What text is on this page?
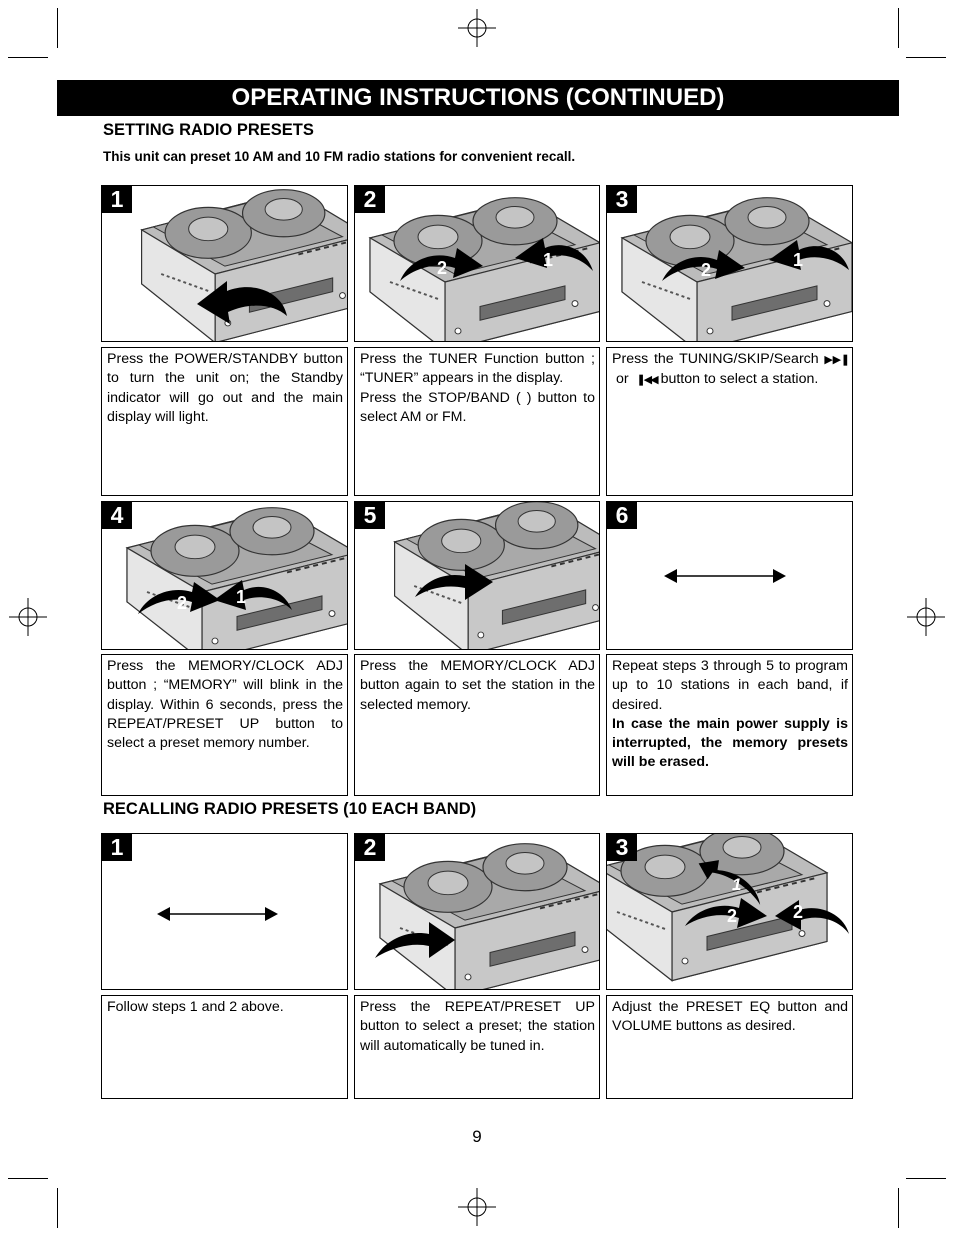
OPERATING INSTRUCTIONS (CONTINUED)
SETTING RADIO PRESETS
This unit can preset 10 AM and 10 FM radio stations for convenient recall.
1	2
1
2
3
1
2

Press the POWER/STANDBY button to turn the unit on; the Standby indicator will go out and the main display will light.

Press the TUNER Function button ; “TUNER” appears in the display.

Press the STOP/BAND ( ) button to select AM or FM.

Press the TUNING/SKIP/Search ▶▶❚  or ❚◀◀ button to select a station.

4
1
2
5	6

Press the MEMORY/CLOCK ADJ button ; “MEMORY” will blink in the display. Within 6 seconds, press the REPEAT/PRESET UP button to select a preset memory number.

Press the MEMORY/CLOCK ADJ button again to set the station in the selected memory.

Repeat steps 3 through 5 to program up to 10 stations in each band, if desired.

In case the main power supply is interrupted, the memory presets will be erased.

RECALLING RADIO PRESETS (10 EACH BAND)
1	2	3
1
2	2

Follow steps 1 and 2 above.	Press the REPEAT/PRESET UP button to select a preset; the station will automatically be tuned in.

Adjust the PRESET EQ button and VOLUME buttons as desired.

9
